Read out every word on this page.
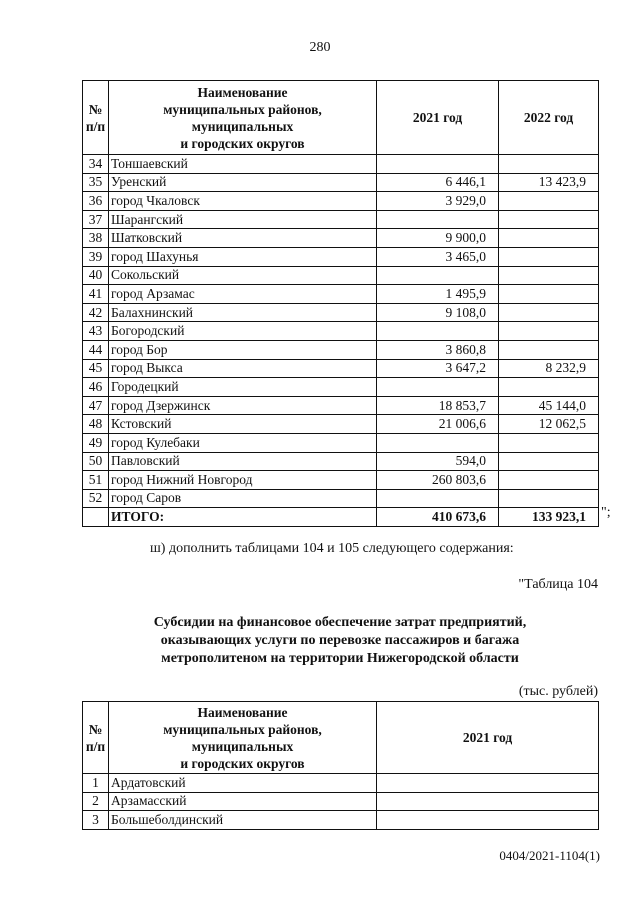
280
№
п/п	Наименование
муниципальных районов,
муниципальных
и городских округов	2021 год	2022 год
34	Тоншаевский		
35	Уренский	6 446,1	13 423,9
36	город Чкаловск	3 929,0	
37	Шарангский		
38	Шатковский	9 900,0	
39	город Шахунья	3 465,0	
40	Сокольский		
41	город Арзамас	1 495,9	
42	Балахнинский	9 108,0	
43	Богородский		
44	город Бор	3 860,8	
45	город Выкса	3 647,2	8 232,9
46	Городецкий		
47	город Дзержинск	18 853,7	45 144,0
48	Кстовский	21 006,6	12 062,5
49	город Кулебаки		
50	Павловский	594,0	
51	город Нижний Новгород	260 803,6	
52	город Саров		
	ИТОГО:	410 673,6	133 923,1 ";
ш) дополнить таблицами 104 и 105 следующего содержания:
"Таблица 104
Субсидии на финансовое обеспечение затрат предприятий,
оказывающих услуги по перевозке пассажиров и багажа
метрополитеном на территории Нижегородской области
(тыс. рублей)
№
п/п	Наименование
муниципальных районов,
муниципальных
и городских округов	2021 год
1	Ардатовский	
2	Арзамасский	
3	Большеболдинский	
0404/2021-1104(1)
